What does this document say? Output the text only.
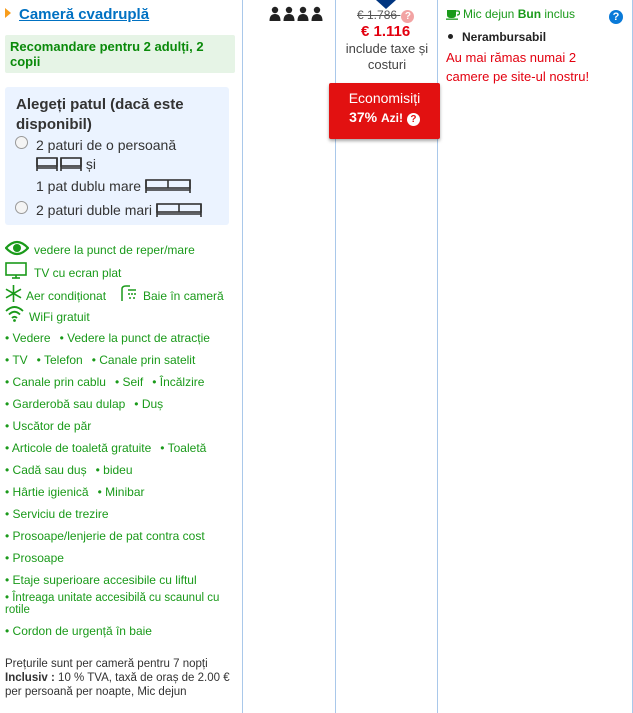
Cameră cvadruplă
Recomandare pentru 2 adulți, 2 copii
Alegeți patul (dacă este disponibil)
2 paturi de o persoană
și
1 pat dublu mare
2 paturi duble mari
vedere la punct de reper/mare
TV cu ecran plat
Aer condiționat	Baie în cameră
WiFi gratuit
• Vedere • Vedere la punct de atracție
• TV • Telefon • Canale prin satelit
• Canale prin cablu • Seif • Încălzire
• Garderobă sau dulap • Duș
• Uscător de păr
• Articole de toaletă gratuite • Toaletă
• Cadă sau duș • bideu
• Hârtie igienică • Minibar
• Serviciu de trezire
• Prosoape/lenjerie de pat contra cost
• Prosoape
• Etaje superioare accesibile cu liftul
• Întreaga unitate accesibilă cu scaunul cu rotile
• Cordon de urgență în baie
Prețurile sunt per cameră pentru 7 nopți
Inclusiv : 10 % TVA, taxă de oraș de 2.00 € per persoană per noapte, Mic dejun
€ 1.786 ?
€ 1.116
include taxe și costuri
Economisiți
37% Azi! ?
Mic dejun Bun inclus
Nerambursabil
Au mai rămas numai 2 camere pe site-ul nostru!
?
